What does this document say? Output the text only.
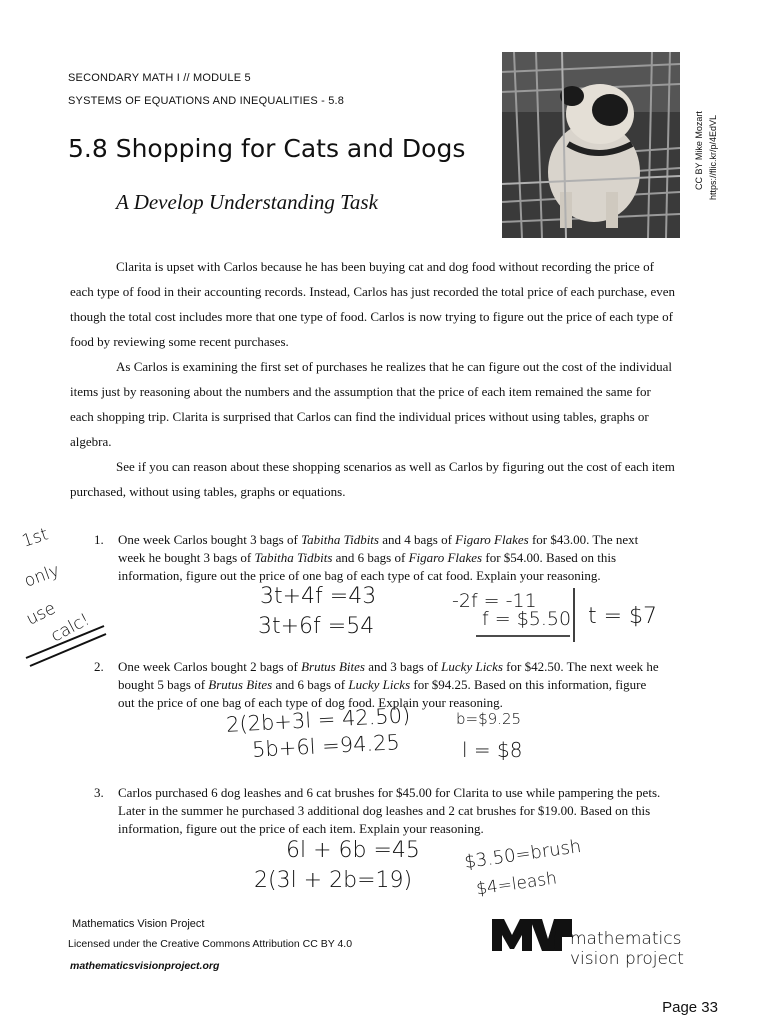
SECONDARY MATH I // MODULE 5
SYSTEMS OF EQUATIONS AND INEQUALITIES - 5.8
5.8 Shopping for Cats and Dogs
A Develop Understanding Task
CC BY Mike Mozart https://flic.kr/p/4EdVL

Clarita is upset with Carlos because he has been buying cat and dog food without recording the price of each type of food in their accounting records. Instead, Carlos has just recorded the total price of each purchase, even though the total cost includes more that one type of food. Carlos is now trying to figure out the price of each type of food by reviewing some recent purchases.

As Carlos is examining the first set of purchases he realizes that he can figure out the cost of the individual items just by reasoning about the numbers and the assumption that the price of each item remained the same for each shopping trip. Clarita is surprised that Carlos can find the individual prices without using tables, graphs or algebra.

See if you can reason about these shopping scenarios as well as Carlos by figuring out the cost of each item purchased, without using tables, graphs or equations.

1. One week Carlos bought 3 bags of Tabitha Tidbits and 4 bags of Figaro Flakes for $43.00. The next week he bought 3 bags of Tabitha Tidbits and 6 bags of Figaro Flakes for $54.00. Based on this information, figure out the price of one bag of each type of cat food. Explain your reasoning.
2. One week Carlos bought 2 bags of Brutus Bites and 3 bags of Lucky Licks for $42.50. The next week he bought 5 bags of Brutus Bites and 6 bags of Lucky Licks for $94.25. Based on this information, figure out the price of one bag of each type of dog food. Explain your reasoning.
3. Carlos purchased 6 dog leashes and 6 cat brushes for $45.00 for Clarita to use while pampering the pets. Later in the summer he purchased 3 additional dog leashes and 2 cat brushes for $19.00. Based on this information, figure out the price of each item. Explain your reasoning.
1st
only
use
calc!
3t+4f =43
3t+6f =54
-2f = -11
f = $5.50 t = $7
2(2b+3l = 42.50)
5b+6l =94.25
b=$9.25
l = $8
6l + 6b =45
2(3l + 2b=19)
$3.50=brush
$4=leash
Mathematics Vision Project
Licensed under the Creative Commons Attribution CC BY 4.0
mathematicsvisionproject.org
mathematics
vision project
Page 33
